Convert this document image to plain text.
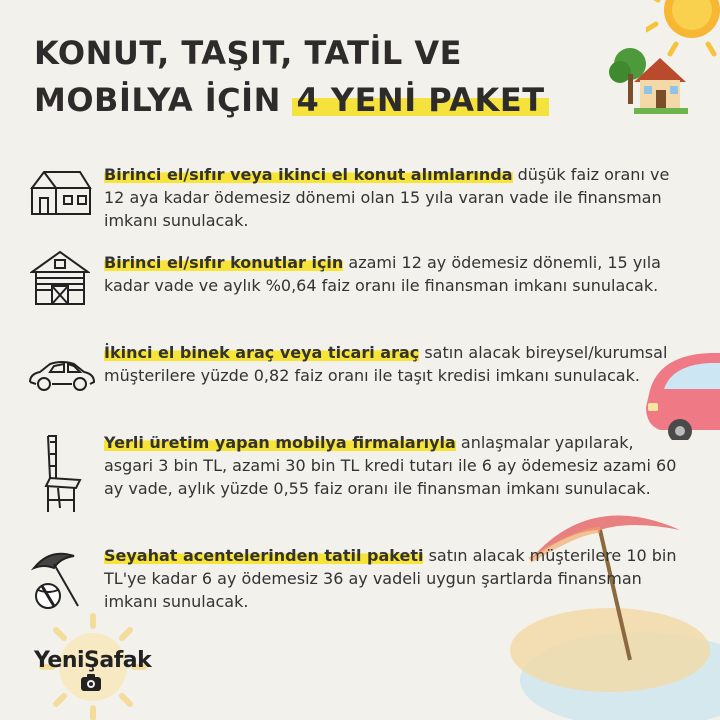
KONUT, TAŞIT, TATİL VE
MOBİLYA İÇİN 4 YENİ PAKET
Birinci el/sıfır veya ikinci el konut alımlarında düşük faiz oranı ve 12 aya kadar ödemesiz dönemi olan 15 yıla varan vade ile finansman imkanı sunulacak.
Birinci el/sıfır konutlar için azami 12 ay ödemesiz dönemli, 15 yıla kadar vade ve aylık %0,64 faiz oranı ile finansman imkanı sunulacak.
İkinci el binek araç veya ticari araç satın alacak bireysel/kurumsal müşterilere yüzde 0,82 faiz oranı ile taşıt kredisi imkanı sunulacak.
Yerli üretim yapan mobilya firmalarıyla anlaşmalar yapılarak, asgari 3 bin TL, azami 30 bin TL kredi tutarı ile 6 ay ödemesiz azami 60 ay vade, aylık yüzde 0,55 faiz oranı ile finansman imkanı sunulacak.
Seyahat acentelerinden tatil paketi satın alacak müşterilere 10 bin TL'ye kadar 6 ay ödemesiz 36 ay vadeli uygun şartlarda finansman imkanı sunulacak.
YeniŞafak
